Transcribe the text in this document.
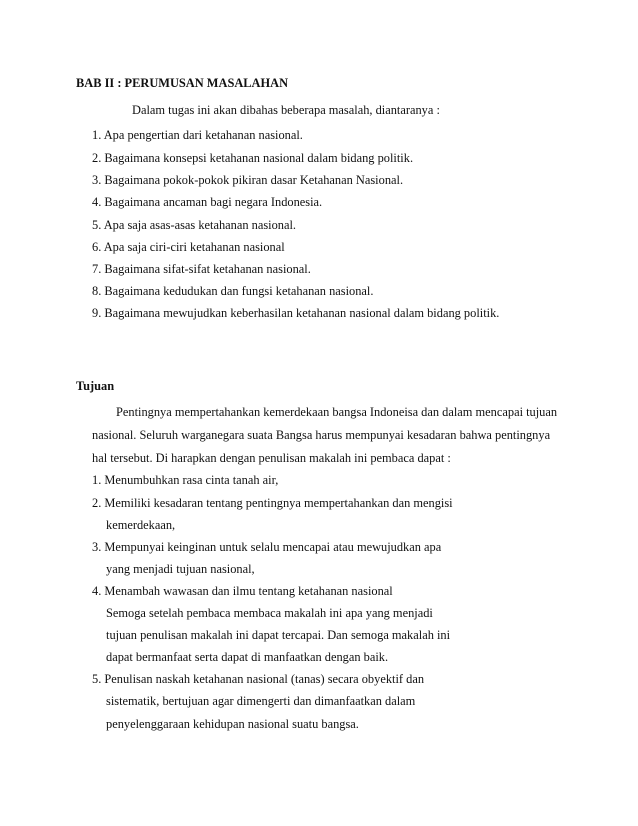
BAB II : PERUMUSAN MASALAHAN
Dalam tugas ini akan dibahas beberapa masalah, diantaranya :
1. Apa pengertian dari ketahanan nasional.
2. Bagaimana konsepsi ketahanan nasional dalam bidang politik.
3. Bagaimana pokok-pokok pikiran dasar Ketahanan Nasional.
4. Bagaimana ancaman bagi negara Indonesia.
5. Apa saja asas-asas ketahanan nasional.
6. Apa saja ciri-ciri ketahanan nasional
7. Bagaimana sifat-sifat ketahanan nasional.
8. Bagaimana kedudukan dan fungsi ketahanan nasional.
9. Bagaimana mewujudkan keberhasilan ketahanan nasional dalam bidang politik.
Tujuan
Pentingnya mempertahankan kemerdekaan bangsa Indoneisa dan dalam mencapai tujuan
nasional. Seluruh warganegara suata Bangsa harus mempunyai kesadaran bahwa pentingnya
hal tersebut. Di harapkan dengan penulisan makalah ini pembaca dapat :
1. Menumbuhkan rasa cinta tanah air,
2. Memiliki kesadaran tentang pentingnya mempertahankan dan mengisi
kemerdekaan,
3. Mempunyai keinginan untuk selalu mencapai atau mewujudkan apa
yang menjadi tujuan nasional,
4. Menambah wawasan dan ilmu tentang ketahanan nasional
Semoga setelah pembaca membaca makalah ini apa yang menjadi
tujuan penulisan makalah ini dapat tercapai. Dan semoga makalah ini
dapat bermanfaat serta dapat di manfaatkan dengan baik.
5. Penulisan naskah ketahanan nasional (tanas) secara obyektif dan
sistematik, bertujuan agar dimengerti dan dimanfaatkan dalam
penyelenggaraan kehidupan nasional suatu bangsa.
